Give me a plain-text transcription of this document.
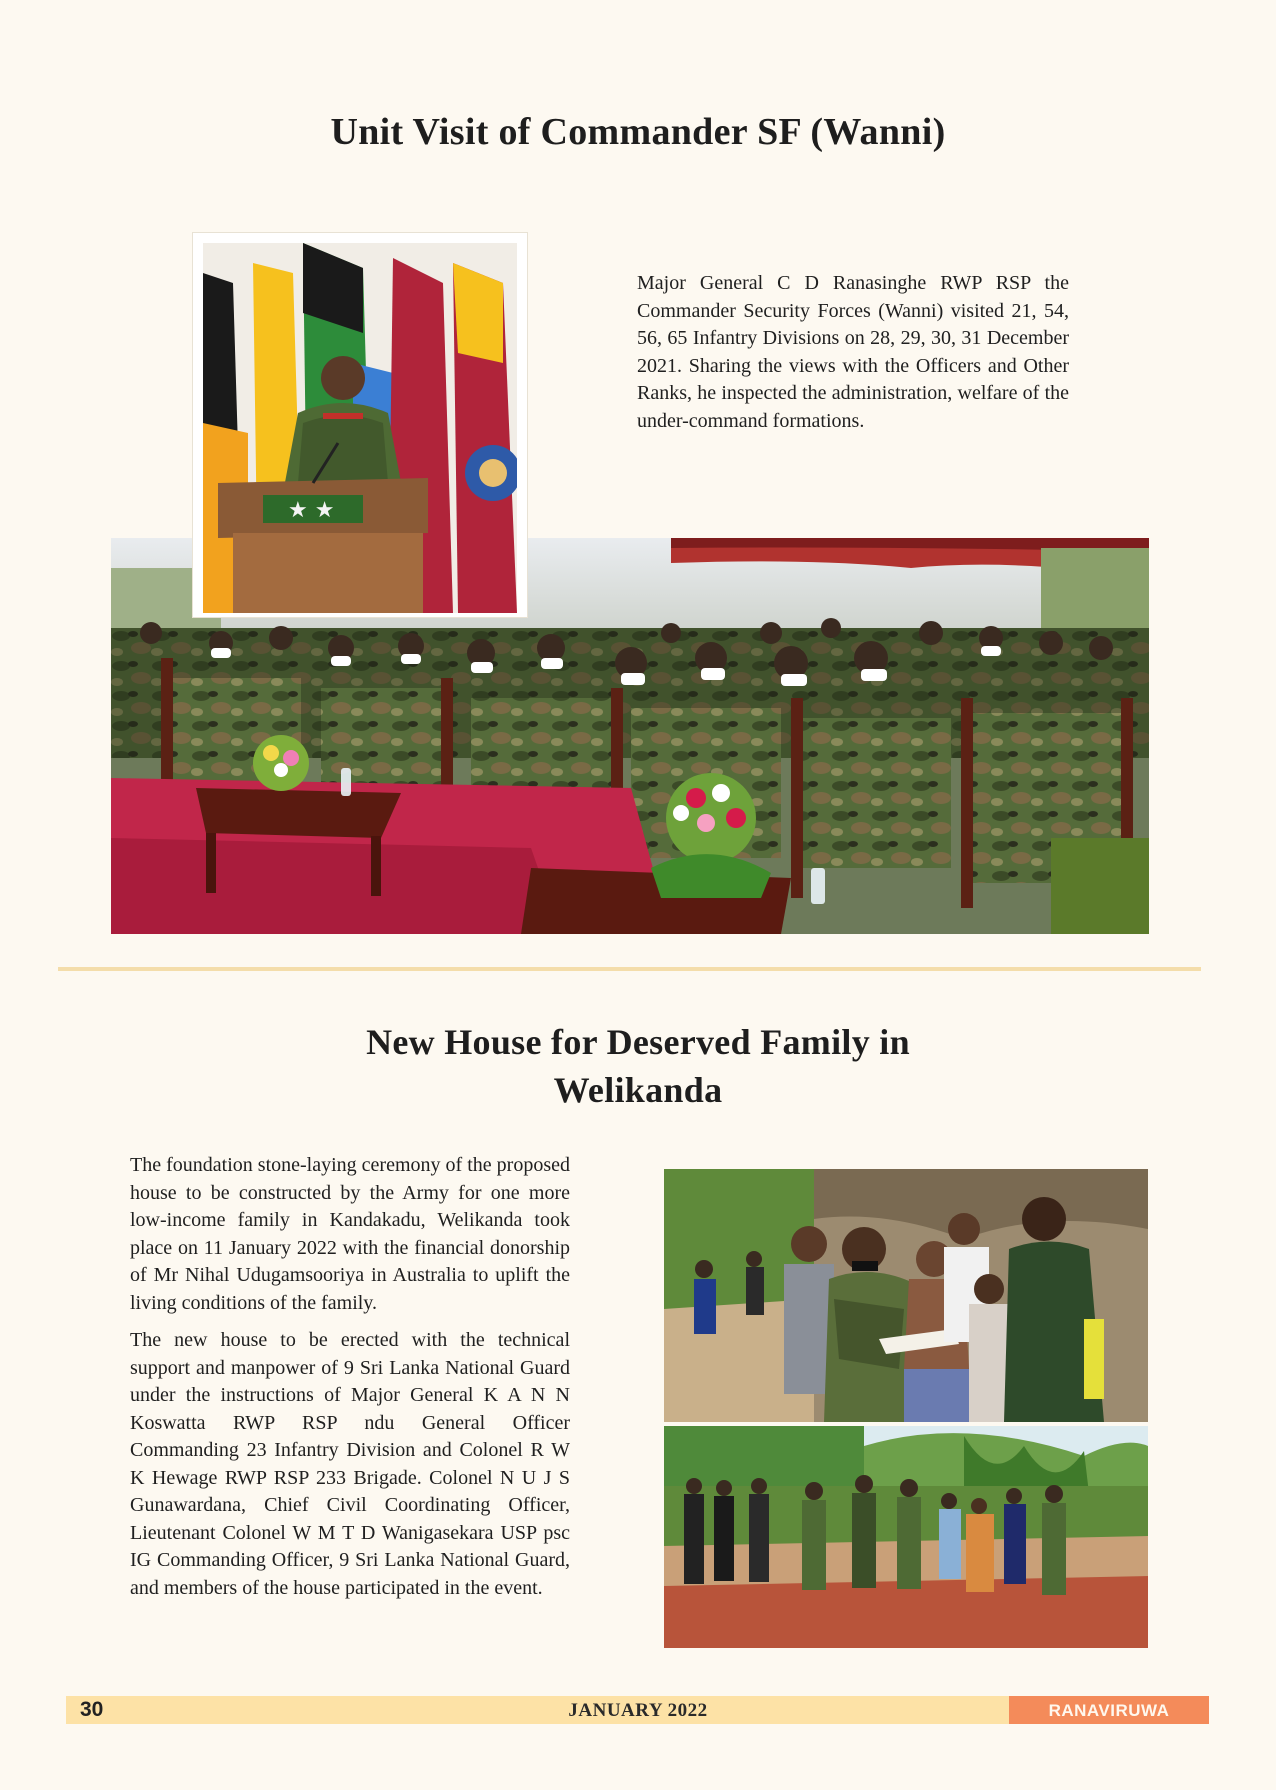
Unit Visit of Commander SF (Wanni)

Major General C D Ranasinghe RWP RSP the Commander Security Forces (Wanni) visited 21, 54, 56, 65 Infantry Divisions on 28, 29, 30, 31 December 2021. Sharing the views with the Officers and Other Ranks, he inspected the administration, welfare of the under-command formations.

★ ★
New House for Deserved Family in Welikanda

The foundation stone-laying ceremony of the proposed house to be constructed by the Army for one more low-income family in Kandakadu, Welikanda took place on 11 January 2022 with the financial donorship of Mr Nihal Udugamsooriya in Australia to uplift the living conditions of the family.

The new house to be erected with the technical support and manpower of 9 Sri Lanka National Guard under the instructions of Major General K A N N Koswatta RWP RSP ndu General Officer Commanding 23 Infantry Division and Colonel R W K Hewage RWP RSP 233 Brigade. Colonel N U J S Gunawardana, Chief Civil Coordinating Officer, Lieutenant Colonel W M T D Wanigasekara USP psc IG Commanding Officer, 9 Sri Lanka National Guard, and members of the house participated in the event.

30	JANUARY 2022	RANAVIRUWA
